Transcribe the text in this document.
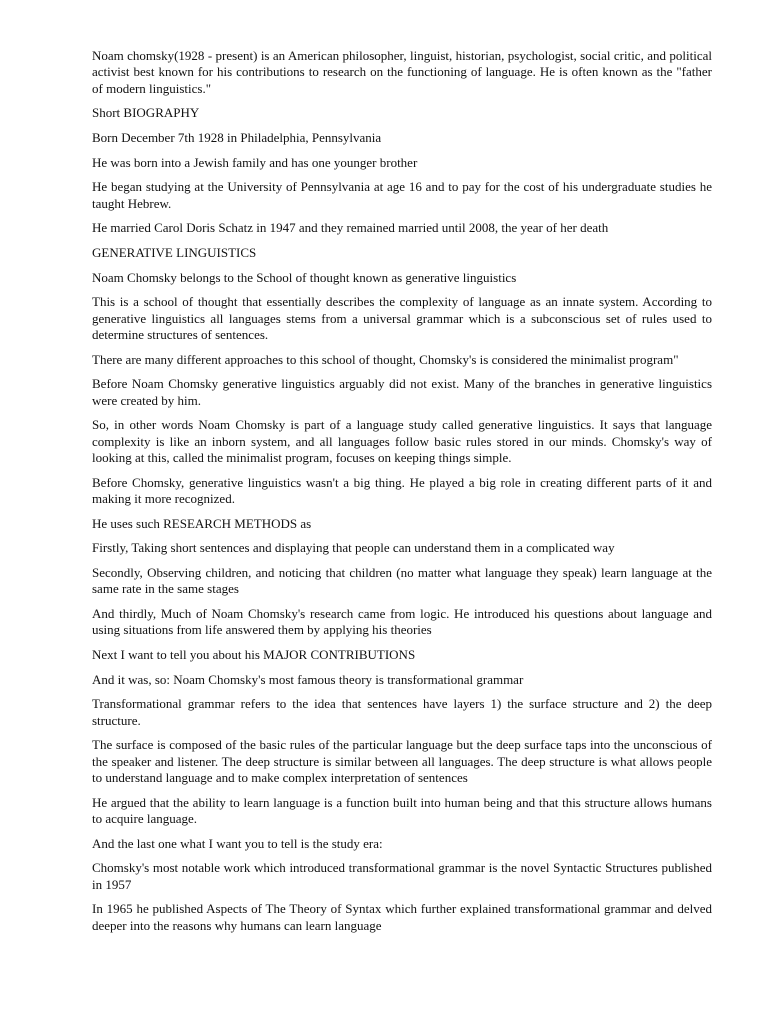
Noam chomsky(1928 - present) is an American philosopher, linguist, historian, psychologist, social critic, and political activist best known for his contributions to research on the functioning of language. He is often known as the "father of modern linguistics."

Short BIOGRAPHY

Born December 7th 1928 in Philadelphia, Pennsylvania

He was born into a Jewish family and has one younger brother

He began studying at the University of Pennsylvania at age 16 and to pay for the cost of his undergraduate studies he taught Hebrew.

He married Carol Doris Schatz in 1947 and they remained married until 2008, the year of her death

GENERATIVE LINGUISTICS

Noam Chomsky belongs to the School of thought known as generative linguistics

This is a school of thought that essentially describes the complexity of language as an innate system. According to generative linguistics all languages stems from a universal grammar which is a subconscious set of rules used to determine structures of sentences.

There are many different approaches to this school of thought, Chomsky's is considered the minimalist program"

Before Noam Chomsky generative linguistics arguably did not exist. Many of the branches in generative linguistics were created by him.

So, in other words Noam Chomsky is part of a language study called generative linguistics. It says that language complexity is like an inborn system, and all languages follow basic rules stored in our minds. Chomsky's way of looking at this, called the minimalist program, focuses on keeping things simple.

Before Chomsky, generative linguistics wasn't a big thing. He played a big role in creating different parts of it and making it more recognized.

He uses such RESEARCH METHODS as

Firstly, Taking short sentences and displaying that people can understand them in a complicated way

Secondly, Observing children, and noticing that children (no matter what language they speak) learn language at the same rate in the same stages

And thirdly, Much of Noam Chomsky's research came from logic. He introduced his questions about language and using situations from life answered them by applying his theories

Next I want to tell you about his MAJOR CONTRIBUTIONS

And it was, so: Noam Chomsky's most famous theory is transformational grammar

Transformational grammar refers to the idea that sentences have layers 1) the surface structure and 2) the deep structure.

The surface is composed of the basic rules of the particular language but the deep surface taps into the unconscious of the speaker and listener. The deep structure is similar between all languages. The deep structure is what allows people to understand language and to make complex interpretation of sentences

He argued that the ability to learn language is a function built into human being and that this structure allows humans to acquire language.

And the last one what I want you to tell is the study era:

Chomsky's most notable work which introduced transformational grammar is the novel Syntactic Structures published in 1957

In 1965 he published Aspects of The Theory of Syntax which further explained transformational grammar and delved deeper into the reasons why humans can learn language
